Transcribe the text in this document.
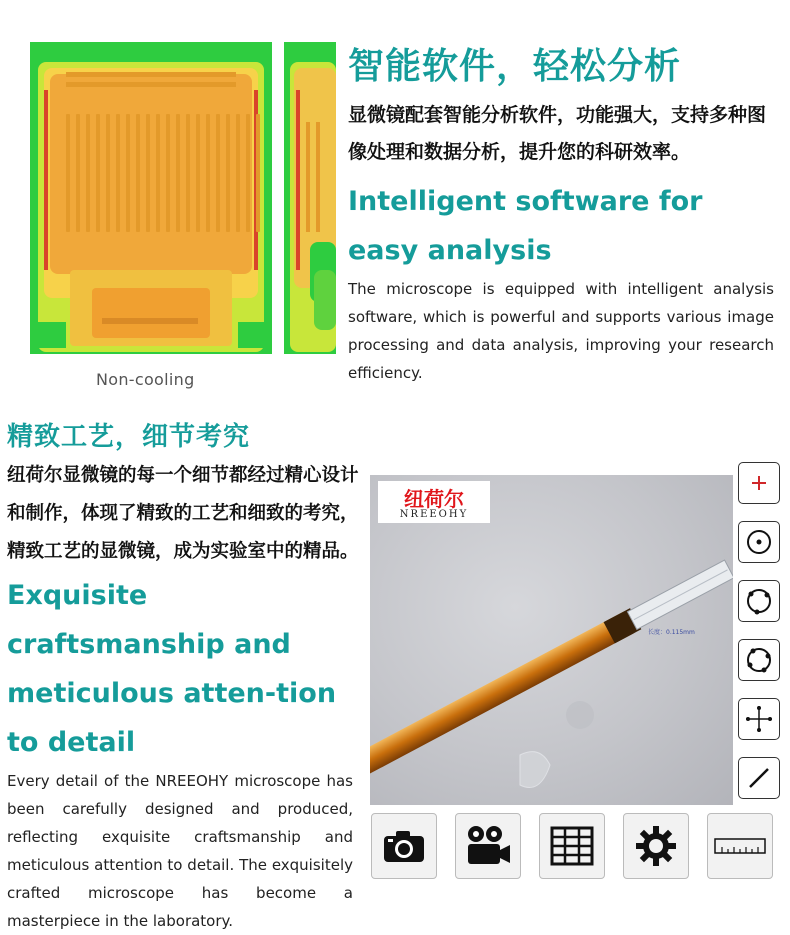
Non-cooling
智能软件，轻松分析

显微镜配套智能分析软件，功能强大，支持多种图像处理和数据分析，提升您的科研效率。

Intelligent software for easy analysis

The microscope is equipped with intelligent analysis software, which is powerful and supports various image processing and data analysis, improving your research efficiency.

精致工艺，细节考究

纽荷尔显微镜的每一个细节都经过精心设计和制作，体现了精致的工艺和细致的考究，精致工艺的显微镜，成为实验室中的精品。

Exquisite craftsmanship and meticulous atten-tion to detail

Every detail of the NREEOHY microscope has been carefully designed and produced, reflecting exquisite craftsmanship and meticulous attention to detail. The exquisitely crafted microscope has become a masterpiece in the laboratory.

纽荷尔
NREEOHY
长度：0.115mm
